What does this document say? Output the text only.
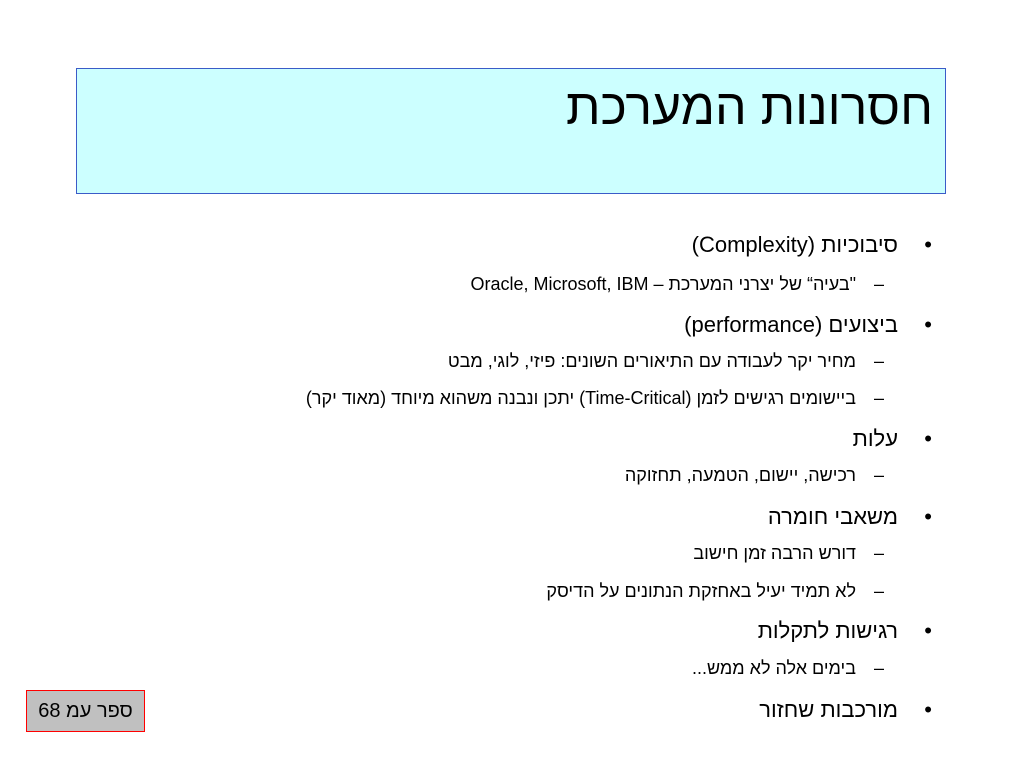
חסרונות המערכת
•
סיבוכיות (Complexity)
–
"בעיה“ של יצרני המערכת – Oracle, Microsoft, IBM
•
ביצועים (performance)
–
מחיר יקר לעבודה עם התיאורים השונים: פיזי, לוגי, מבט
–
ביישומים רגישים לזמן (Time-Critical) יתכן ונבנה משהוא מיוחד (מאוד יקר)
•
עלות
–
רכישה, יישום, הטמעה, תחזוקה
•
משאבי חומרה
–
דורש הרבה זמן חישוב
–
לא תמיד יעיל באחזקת הנתונים על הדיסק
•
רגישות לתקלות
–
בימים אלה לא ממש...
•
מורכבות שחזור
ספר עמ 68
